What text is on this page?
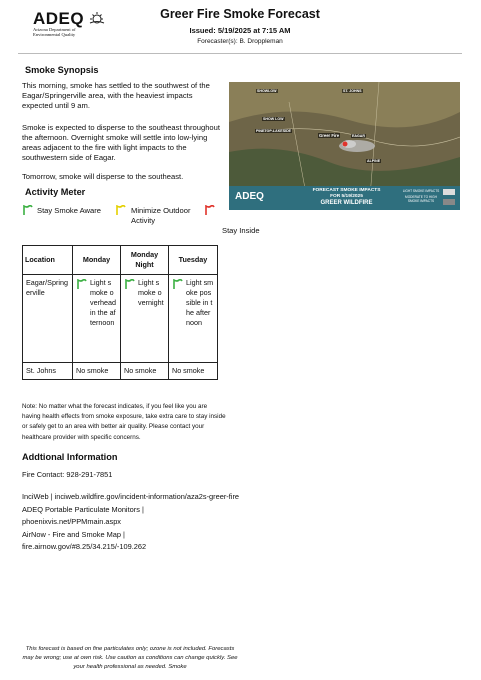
ADEQ
Arizona Department of Environmental Quality
Greer Fire Smoke Forecast
Issued: 5/19/2025 at 7:15 AM
Forecaster(s): B. Droppleman
Smoke Synopsis
This morning, smoke has settled to the southwest of the Eagar/Springerville area, with the heaviest impacts expected until 9 am.
Smoke is expected to disperse to the southeast throughout the afternoon. Overnight smoke will settle into low-lying areas adjacent to the fire with light impacts to the southwestern side of Eagar.
Tomorrow, smoke will disperse to the southeast.
SHOWLOW	ST. JOHNS
SHOW LOW
PINETOP-LAKESIDE
Greer Fire	EAGAR
ALPINE
ADEQ
FORECAST SMOKE IMPACTS
FOR 5/19/2025
GREER WILDFIRE
LIGHT SMOKE IMPACTS
MODERATE TO HIGH SMOKE IMPACTS
Activity Meter
Stay Smoke Aware	Minimize Outdoor Activity
Stay Inside
Location	Monday	Monday Night	Tuesday
Eagar/Springerville	Light smoke overhead in the afternoon	Light smoke overnight	Light smoke possible in the afternoon

St. Johns	No smoke	No smoke	No smoke
Note: No matter what the forecast indicates, if you feel like you are having health effects from smoke exposure, take extra care to stay inside or safely get to an area with better air quality. Please contact your healthcare provider with specific concerns.
Addtional Information
Fire Contact: 928-291-7851
InciWeb | inciweb.wildfire.gov/incident-information/aza2s-greer-fire
ADEQ Portable Particulate Monitors | phoenixvis.net/PPMmain.aspx
AirNow - Fire and Smoke Map | fire.airnow.gov/#8.25/34.215/-109.262
This forecast is based on fine particulates only; ozone is not included. Forecasts may be wrong; use at own risk. Use caution as conditions can change quickly. See your health professional as needed. Smoke
